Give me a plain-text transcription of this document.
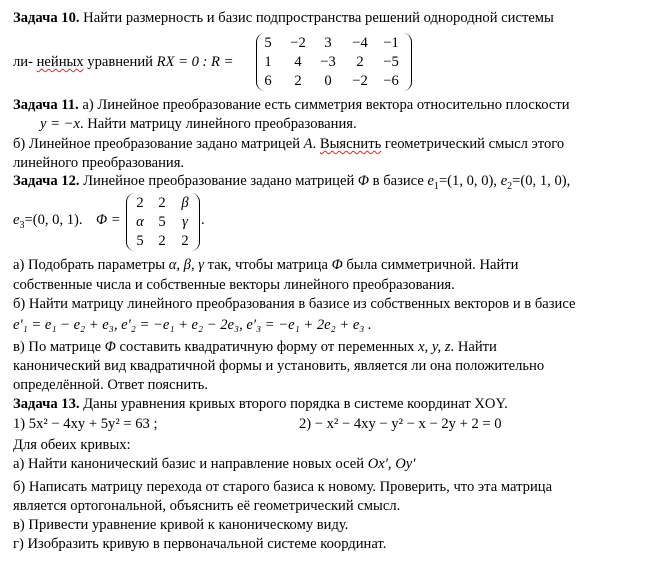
Задача 10. Найти размерность и базис подпространства решений однородной системы
ли- нейных уравнений RX = 0 : R =
5	−2	3	−4	−1
1	4	−3	2	−5
6	2	0	−2	−6
Задача 11. а) Линейное преобразование есть симметрия вектора относительно плоскости
y = −x. Найти матрицу линейного преобразования.
б) Линейное преобразование задано матрицей A. Выяснить геометрический смысл этого
линейного преобразования.
Задача 12. Линейное преобразование задано матрицей Φ в базисе $e_1=(1$, 0, 0), $e_2=(0$, 1, 0),
$e_3=(0$, 0, 1). Φ =
2	2	β
α 5	γ
5	2	2
.
а) Подобрать параметры α, β, γ так, чтобы матрица Φ была симметричной. Найти
собственные числа и собственные векторы линейного преобразования.
б) Найти матрицу линейного преобразования в базисе из собственных векторов и в базисе
e′₁ = e₁ − e₂ + e₃, e′₂ = −e₁ + e₂ − 2e₃, e′₃ = −e₁ + 2e₂ + e₃ .
в) По матрице Φ составить квадратичную форму от переменных x, y, z. Найти
канонический вид квадратичной формы и установить, является ли она положительно
определённой. Ответ пояснить.
Задача 13. Даны уравнения кривых второго порядка в системе координат XOY.
1) 5x² − 4xy + 5y² = 63 ;	2) − x² − 4xy − y² − x − 2y + 2 = 0
Для обеих кривых:
а) Найти канонический базис и направление новых осей Ox′, Oy′
б) Написать матрицу перехода от старого базиса к новому. Проверить, что эта матрица
является ортогональной, объяснить её геометрический смысл.
в) Привести уравнение кривой к каноническому виду.
г) Изобразить кривую в первоначальной системе координат.
